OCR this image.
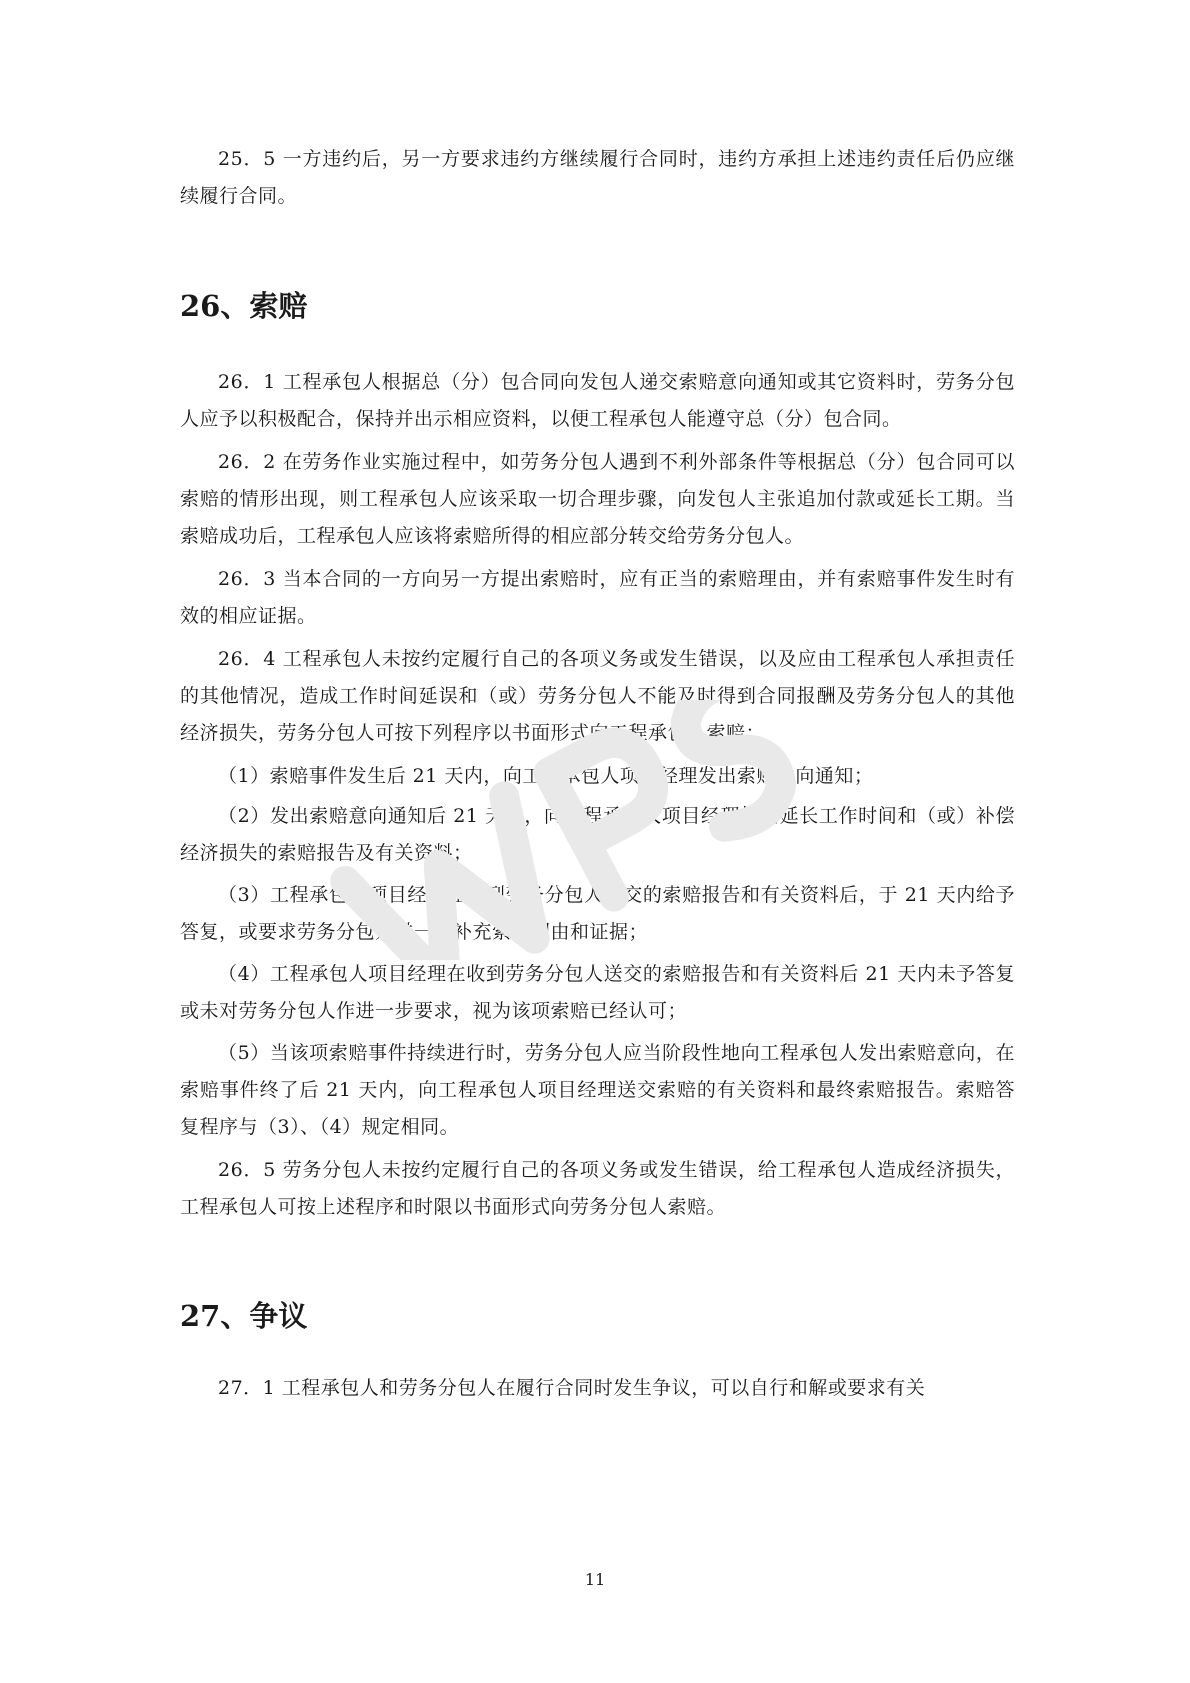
25．5 一方违约后，另一方要求违约方继续履行合同时，违约方承担上述违约责任后仍应继续履行合同。

26、索赔

26．1 工程承包人根据总（分）包合同向发包人递交索赔意向通知或其它资料时，劳务分包人应予以积极配合，保持并出示相应资料，以便工程承包人能遵守总（分）包合同。

26．2 在劳务作业实施过程中，如劳务分包人遇到不利外部条件等根据总（分）包合同可以索赔的情形出现，则工程承包人应该采取一切合理步骤，向发包人主张追加付款或延长工期。当索赔成功后，工程承包人应该将索赔所得的相应部分转交给劳务分包人。

26．3 当本合同的一方向另一方提出索赔时，应有正当的索赔理由，并有索赔事件发生时有效的相应证据。

26．4 工程承包人未按约定履行自己的各项义务或发生错误，以及应由工程承包人承担责任的其他情况，造成工作时间延误和（或）劳务分包人不能及时得到合同报酬及劳务分包人的其他经济损失，劳务分包人可按下列程序以书面形式向工程承包人索赔：

（1）索赔事件发生后 21 天内，向工程承包人项目经理发出索赔意向通知；

（2）发出索赔意向通知后 21 天内，向工程承包人项目经理提出延长工作时间和（或）补偿经济损失的索赔报告及有关资料；

（3）工程承包人项目经理在收到劳务分包人送交的索赔报告和有关资料后，于 21 天内给予答复，或要求劳务分包人进一步补充索赔理由和证据；

（4）工程承包人项目经理在收到劳务分包人送交的索赔报告和有关资料后 21 天内未予答复或未对劳务分包人作进一步要求，视为该项索赔已经认可；

（5）当该项索赔事件持续进行时，劳务分包人应当阶段性地向工程承包人发出索赔意向，在索赔事件终了后 21 天内，向工程承包人项目经理送交索赔的有关资料和最终索赔报告。索赔答复程序与（3）、（4）规定相同。

26．5 劳务分包人未按约定履行自己的各项义务或发生错误，给工程承包人造成经济损失，工程承包人可按上述程序和时限以书面形式向劳务分包人索赔。

27、争议

27．1 工程承包人和劳务分包人在履行合同时发生争议，可以自行和解或要求有关

11
